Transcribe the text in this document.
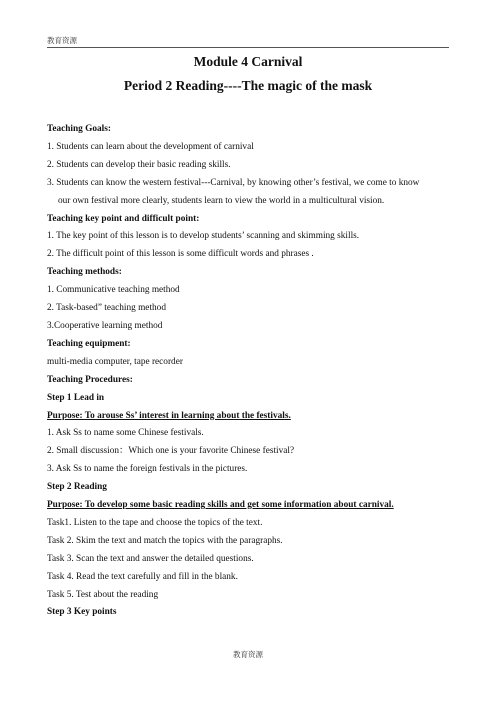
教育资源
Module 4 Carnival
Period 2 Reading----The magic of the mask
Teaching Goals:
1. Students can learn about the development of carnival
2. Students can develop their basic reading skills.
3. Students can know the western festival---Carnival, by knowing other’s festival, we come to know
our own festival more clearly, students learn to view the world in a multicultural vision.
Teaching key point and difficult point:
1. The key point of this lesson is to develop students’ scanning and skimming skills.
2. The difficult point of this lesson is some difficult words and phrases .
Teaching methods:
1. Communicative teaching method
2. Task-based” teaching method
3.Cooperative learning method
Teaching equipment:
multi-media computer, tape recorder
Teaching Procedures:
Step 1 Lead in
Purpose: To arouse Ss’ interest in learning about the festivals.
1. Ask Ss to name some Chinese festivals.
2. Small discussion：Which one is your favorite Chinese festival?
3. Ask Ss to name the foreign festivals in the pictures.
Step 2 Reading
Purpose: To develop some basic reading skills and get some information about carnival.
Task1. Listen to the tape and choose the topics of the text.
Task 2. Skim the text and match the topics with the paragraphs.
Task 3. Scan the text and answer the detailed questions.
Task 4. Read the text carefully and fill in the blank.
Task 5. Test about the reading
Step 3 Key points
教育资源
